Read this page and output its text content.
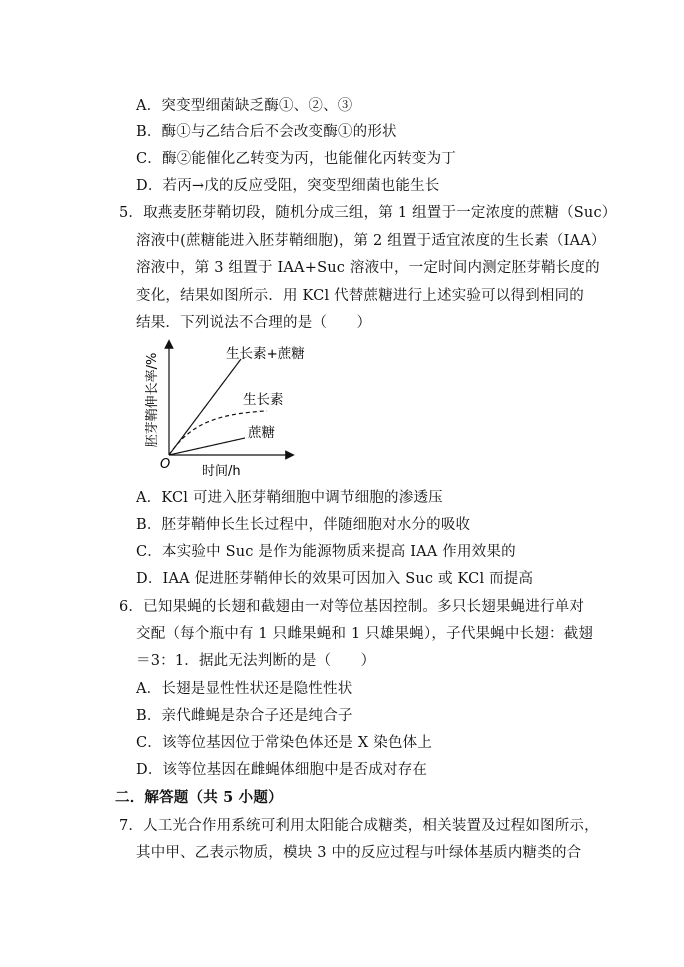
A．突变型细菌缺乏酶①、②、③
B．酶①与乙结合后不会改变酶①的形状
C．酶②能催化乙转变为丙，也能催化丙转变为丁
D．若丙→戊的反应受阻，突变型细菌也能生长
5．取燕麦胚芽鞘切段，随机分成三组，第 1 组置于一定浓度的蔗糖（Suc）
溶液中(蔗糖能进入胚芽鞘细胞)，第 2 组置于适宜浓度的生长素（IAA）
溶液中，第 3 组置于 IAA+Suc 溶液中，一定时间内测定胚芽鞘长度的
变化，结果如图所示．用 KCl 代替蔗糖进行上述实验可以得到相同的
结果．下列说法不合理的是（　　）
胚芽鞘伸长率/%
O 时间/h
生长素+蔗糖
生长素
蔗糖
A．KCl 可进入胚芽鞘细胞中调节细胞的渗透压
B．胚芽鞘伸长生长过程中，伴随细胞对水分的吸收
C．本实验中 Suc 是作为能源物质来提高 IAA 作用效果的
D．IAA 促进胚芽鞘伸长的效果可因加入 Suc 或 KCl 而提高
6．已知果蝇的长翅和截翅由一对等位基因控制。多只长翅果蝇进行单对
交配（每个瓶中有 1 只雌果蝇和 1 只雄果蝇），子代果蝇中长翅：截翅
＝3：1．据此无法判断的是（　　）
A．长翅是显性性状还是隐性性状
B．亲代雌蝇是杂合子还是纯合子
C．该等位基因位于常染色体还是 X 染色体上
D．该等位基因在雌蝇体细胞中是否成对存在
二．解答题（共 5 小题）
7．人工光合作用系统可利用太阳能合成糖类，相关装置及过程如图所示，
其中甲、乙表示物质，模块 3 中的反应过程与叶绿体基质内糖类的合
